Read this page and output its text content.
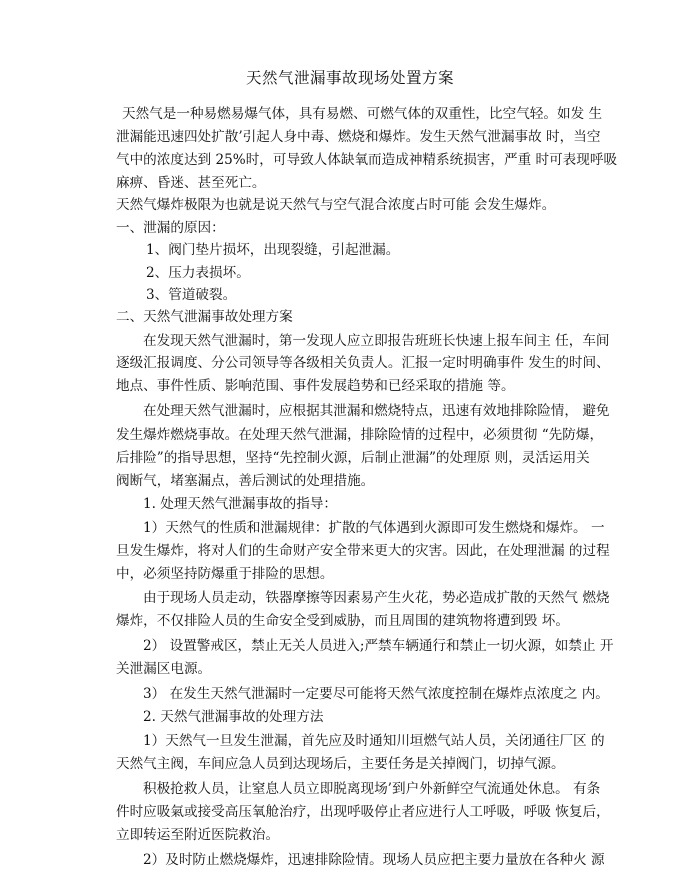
天然气泄漏事故现场处置方案
天然气是一种易燃易爆气体，具有易燃、可燃气体的双重性，比空气轻。如发 生
泄漏能迅速四处扩散’引起人身中毒、燃烧和爆炸。发生天然气泄漏事故 时，当空
气中的浓度达到 25%时，可导致人体缺氧而造成神精系统损害，严重 时可表现呼吸
麻痹、昏迷、甚至死亡。
天然气爆炸极限为也就是说天然气与空气混合浓度占时可能 会发生爆炸。
一、泄漏的原因：
1、阀门垫片损坏，出现裂缝，引起泄漏。
2、压力表损坏。
3、管道破裂。
二、天然气泄漏事故处理方案
在发现天然气泄漏时，第一发现人应立即报告班班长快速上报车间主 任，车间
逐级汇报调度、分公司领导等各级相关负责人。汇报一定时明确事件 发生的时间、
地点、事件性质、影响范围、事件发展趋势和已经采取的措施 等。
在处理天然气泄漏时，应根据其泄漏和燃烧特点，迅速有效地排除险情， 避免
发生爆炸燃烧事故。在处理天然气泄漏，排除险情的过程中，必须贯彻 “先防爆，
后排险”的指导思想，坚持“先控制火源，后制止泄漏”的处理原 则，灵活运用关
阀断气，堵塞漏点，善后测试的处理措施。
1. 处理天然气泄漏事故的指导：
1）天然气的性质和泄漏规律：扩散的气体遇到火源即可发生燃烧和爆炸。 一
旦发生爆炸，将对人们的生命财产安全带来更大的灾害。因此，在处理泄漏 的过程
中，必须坚持防爆重于排险的思想。
由于现场人员走动，铁器摩擦等因素易产生火花，势必造成扩散的天然气 燃烧
爆炸，不仅排险人员的生命安全受到威胁，而且周围的建筑物将遭到毁 坏。
2） 设置警戒区，禁止无关人员进入;严禁车辆通行和禁止一切火源，如禁止 开
关泄漏区电源。
3） 在发生天然气泄漏时一定要尽可能将天然气浓度控制在爆炸点浓度之 内。
2. 天然气泄漏事故的处理方法
1）天然气一旦发生泄漏，首先应及时通知川垣燃气站人员，关闭通往厂区 的
天然气主阀，车间应急人员到达现场后，主要任务是关掉阀门，切掉气源。
积极抢救人员，让窒息人员立即脱离现场’到户外新鲜空气流通处休息。 有条
件时应吸氣或接受高压氧舱治疗，出现呼吸停止者应进行人工呼吸，呼吸 恢复后，
立即转运至附近医院救治。
2）及时防止燃烧爆炸，迅速排除险情。现场人员应把主要力量放在各种火 源
